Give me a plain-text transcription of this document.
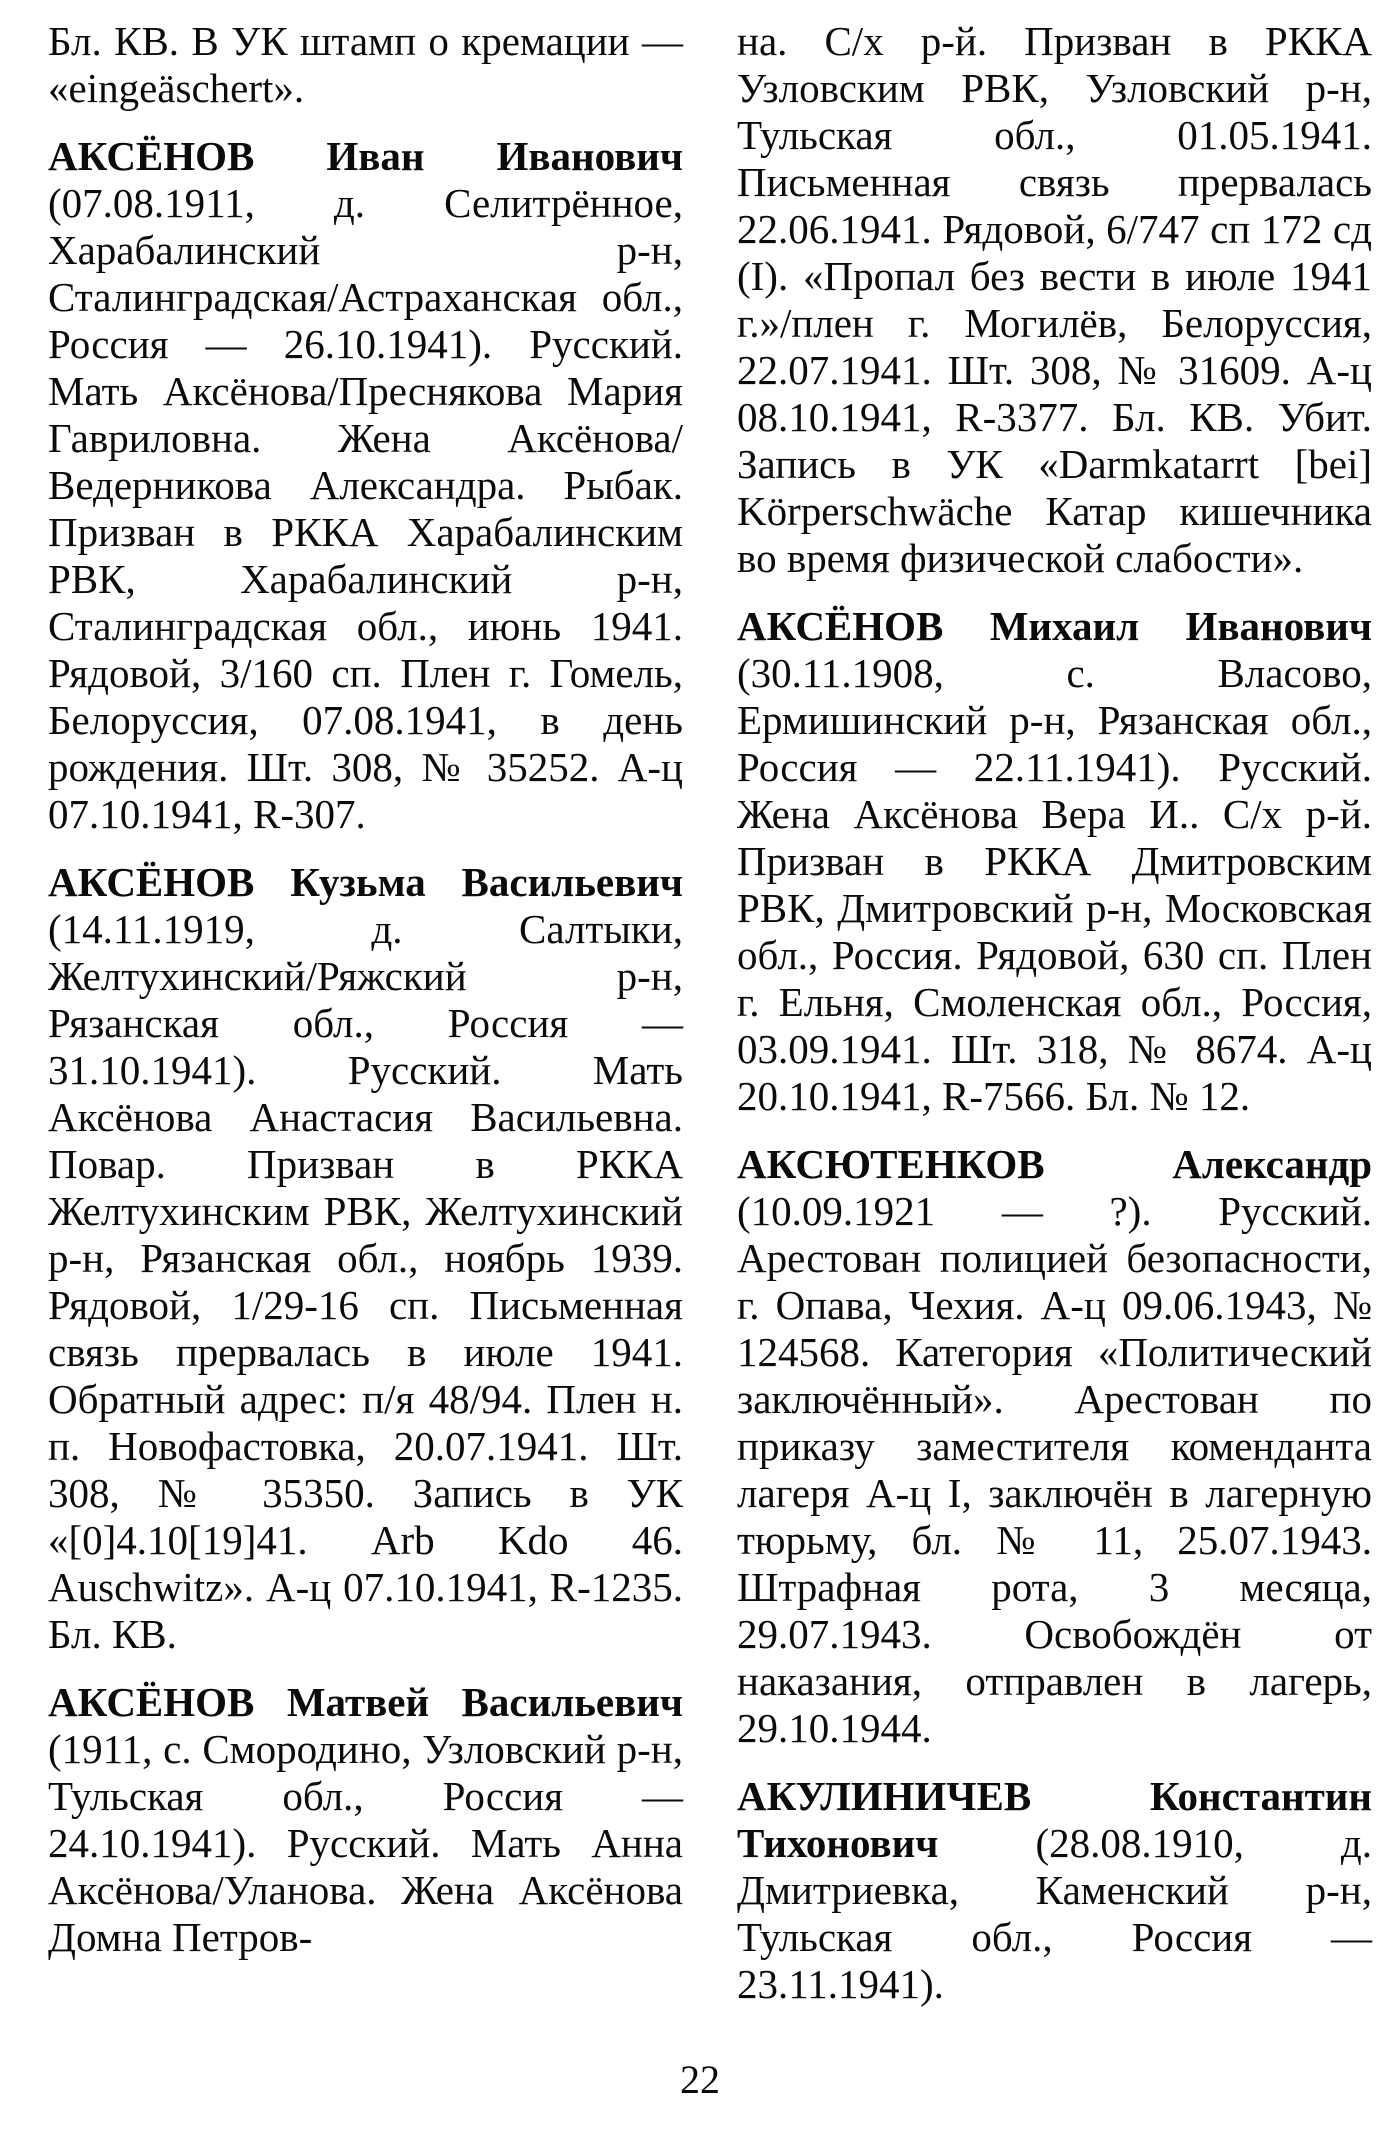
Бл. КВ. В УК штамп о кремации — «eingeäschert».

АКСЁНОВ Иван Иванович (07.08.1911, д. Селитрённое, Харабалинский р-н, Сталинградская/Астраханская обл., Россия — 26.10.1941). Русский. Мать Аксёнова/Преснякова Мария Гавриловна. Жена Аксёнова/Ведерникова Александра. Рыбак. Призван в РККА Харабалинским РВК, Харабалинский р-н, Сталинградская обл., июнь 1941. Рядовой, 3/160 сп. Плен г. Гомель, Белоруссия, 07.08.1941, в день рождения. Шт. 308, № 35252. А-ц 07.10.1941, R-307.

АКСЁНОВ Кузьма Васильевич (14.11.1919, д. Салтыки, Желтухинский/Ряжский р-н, Рязанская обл., Россия — 31.10.1941). Русский. Мать Аксёнова Анастасия Васильевна. Повар. Призван в РККА Желтухинским РВК, Желтухинский р-н, Рязанская обл., ноябрь 1939. Рядовой, 1/29-16 сп. Письменная связь прервалась в июле 1941. Обратный адрес: п/я 48/94. Плен н. п. Новофастовка, 20.07.1941. Шт. 308, № 35350. Запись в УК «[0]4.10[19]41. Arb Kdo 46. Auschwitz». А-ц 07.10.1941, R-1235. Бл. КВ.

АКСЁНОВ Матвей Васильевич (1911, с. Смородино, Узловский р-н, Тульская обл., Россия — 24.10.1941). Русский. Мать Анна Аксёнова/Уланова. Жена Аксёнова Домна Петров-

на. С/х р-й. Призван в РККА Узловским РВК, Узловский р-н, Тульская обл., 01.05.1941. Письменная связь прервалась 22.06.1941. Рядовой, 6/747 сп 172 сд (I). «Пропал без вести в июле 1941 г.»/плен г. Могилёв, Белоруссия, 22.07.1941. Шт. 308, № 31609. А-ц 08.10.1941, R-3377. Бл. КВ. Убит. Запись в УК «Darmkatarrt [bei] Körperschwäche Катар кишечника во время физической слабости».

АКСЁНОВ Михаил Иванович (30.11.1908, с. Власово, Ермишинский р-н, Рязанская обл., Россия — 22.11.1941). Русский. Жена Аксёнова Вера И.. С/х р-й. Призван в РККА Дмитровским РВК, Дмитровский р-н, Московская обл., Россия. Рядовой, 630 сп. Плен г. Ельня, Смоленская обл., Россия, 03.09.1941. Шт. 318, № 8674. А-ц 20.10.1941, R-7566. Бл. № 12.

АКСЮТЕНКОВ Александр (10.09.1921 — ?). Русский. Арестован полицией безопасности, г. Опава, Чехия. А-ц 09.06.1943, № 124568. Категория «Политический заключённый». Арестован по приказу заместителя коменданта лагеря А-ц I, заключён в лагерную тюрьму, бл. № 11, 25.07.1943. Штрафная рота, 3 месяца, 29.07.1943. Освобождён от наказания, отправлен в лагерь, 29.10.1944.

АКУЛИНИЧЕВ Константин Тихонович (28.08.1910, д. Дмитриевка, Каменский р-н, Тульская обл., Россия — 23.11.1941).

22
